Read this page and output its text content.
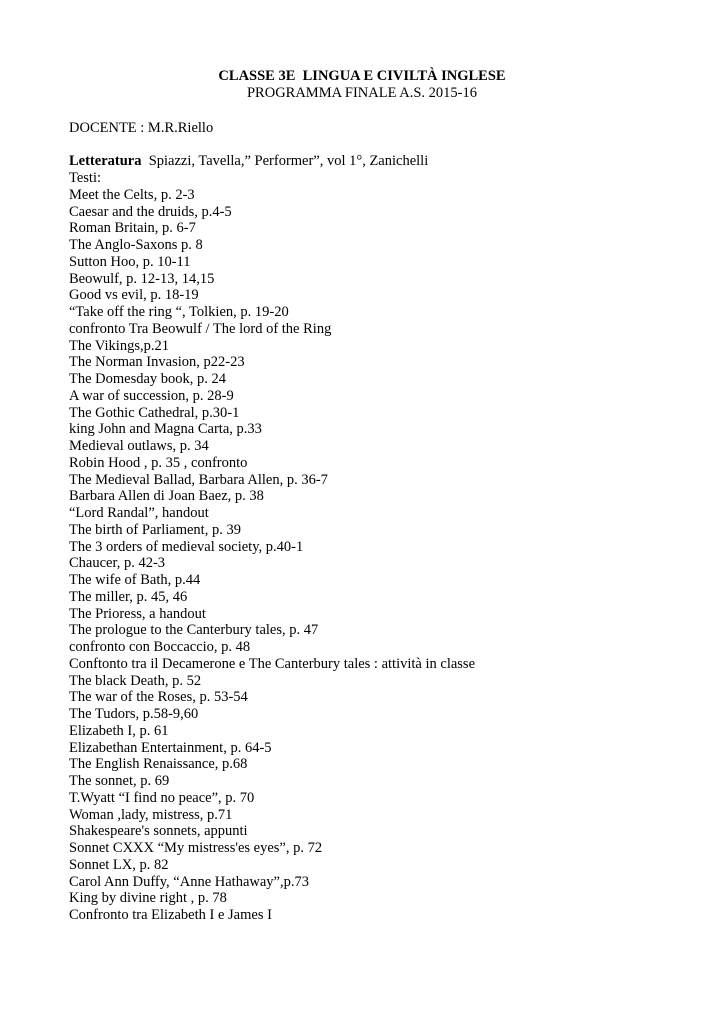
CLASSE 3E  LINGUA E CIVILTÀ INGLESE
PROGRAMMA FINALE A.S. 2015-16
DOCENTE : M.R.Riello
Letteratura  Spiazzi, Tavella,” Performer”, vol 1°, Zanichelli
Testi:
Meet the Celts, p. 2-3
Caesar and the druids, p.4-5
Roman Britain, p. 6-7
The Anglo-Saxons p. 8
Sutton Hoo, p. 10-11
Beowulf, p. 12-13, 14,15
Good vs evil, p. 18-19
“Take off the ring “, Tolkien, p. 19-20
confronto Tra Beowulf / The lord of the Ring
The Vikings,p.21
The Norman Invasion, p22-23
The Domesday book, p. 24
A war of succession, p. 28-9
The Gothic Cathedral, p.30-1
king John and Magna Carta, p.33
Medieval outlaws, p. 34
Robin Hood , p. 35 , confronto
The Medieval Ballad, Barbara Allen, p. 36-7
Barbara Allen di Joan Baez, p. 38
“Lord Randal”, handout
The birth of Parliament, p. 39
The 3 orders of medieval society, p.40-1
Chaucer, p. 42-3
The wife of Bath, p.44
The miller, p. 45, 46
The Prioress, a handout
The prologue to the Canterbury tales, p. 47
confronto con Boccaccio, p. 48
Conftonto tra il Decamerone e The Canterbury tales : attività in classe
The black Death, p. 52
The war of the Roses, p. 53-54
The Tudors, p.58-9,60
Elizabeth I, p. 61
Elizabethan Entertainment, p. 64-5
The English Renaissance, p.68
The sonnet, p. 69
T.Wyatt “I find no peace”, p. 70
Woman ,lady, mistress, p.71
Shakespeare's sonnets, appunti
Sonnet CXXX “My mistress'es eyes”, p. 72
Sonnet LX, p. 82
Carol Ann Duffy, “Anne Hathaway”,p.73
King by divine right , p. 78
Confronto tra Elizabeth I e James I
